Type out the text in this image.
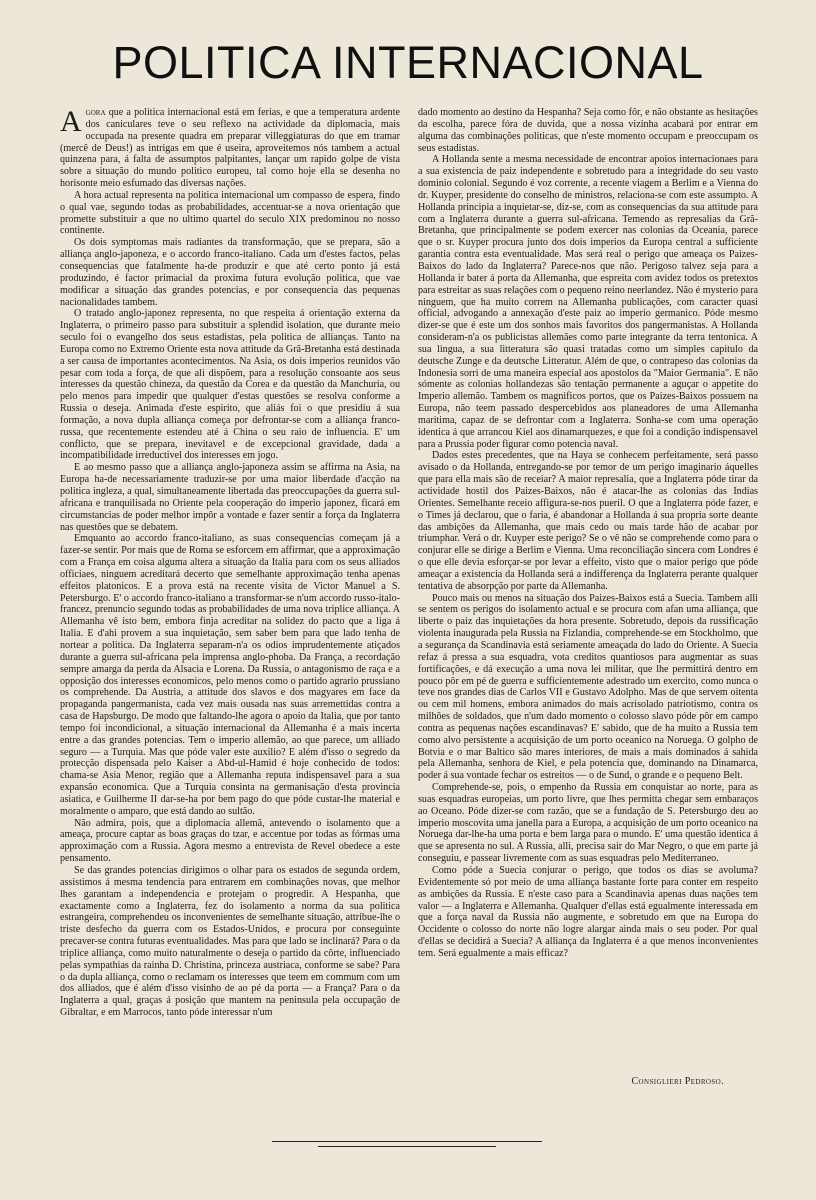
POLITICA INTERNACIONAL

Agora que a politica internacional está em ferias, e que a temperatura ardente dos caniculares teve o seu reflexo na actividade da diplomacia, mais occupada na presente quadra em preparar villeggiaturas do que em tramar (mercê de Deus!) as intrigas em que é useira, aproveitemos nós tambem a actual quinzena para, á falta de assumptos palpitantes, lançar um rapido golpe de vista sobre a situação do mundo politico europeu, tal como hoje ella se desenha no horisonte meio esfumado das diversas nações.

A hora actual representa na politica internacional um compasso de espera, findo o qual vae, segundo todas as probabilidades, accentuar-se a nova orientação que promette substituir a que no ultimo quartel do seculo XIX predominou no nosso continente.

Os dois symptomas mais radiantes da transformação, que se prepara, são a alliança anglo-japoneza, e o accordo franco-italiano. Cada um d'estes factos, pelas consequencias que fatalmente ha-de produzir e que até certo ponto já está produzindo, é factor primacial da proxima futura evolução politica, que vae modificar a situação das grandes potencias, e por consequencia das pequenas nacionalidades tambem.

O tratado anglo-japonez representa, no que respeita á orientação externa da Inglaterra, o primeiro passo para substituir a splendid isolation, que durante meio seculo foi o evangelho dos seus estadistas, pela politica de allianças. Tanto na Europa como no Extremo Oriente esta nova attitude da Grã-Bretanha está destinada a ser causa de importantes acontecimentos. Na Asia, os dois imperios reunidos vão pesar com toda a força, de que ali dispõem, para a resolução consoante aos seus interesses da questão chineza, da questão da Corea e da questão da Manchuria, ou pelo menos para impedir que qualquer d'estas questões se resolva conforme a Russia o deseja. Animada d'este espirito, que aliás foi o que presidiu á sua formação, a nova dupla alliança começa por defrontar-se com a alliança franco-russa, que recentemente estendeu até á China o seu raio de influencia. E' um conflicto, que se prepara, inevitavel e de excepcional gravidade, dada a incompatibilidade irreductivel dos interesses em jogo.

E ao mesmo passo que a alliança anglo-japoneza assim se affirma na Asia, na Europa ha-de necessariamente traduzir-se por uma maior liberdade d'acção na politica ingleza, a qual, simultaneamente libertada das preoccupações da guerra sul-africana e tranquilisada no Oriente pela cooperação do imperio japonez, ficará em circumstancias de poder melhor impôr a vontade e fazer sentir a força da Inglaterra nas questões que se debatem.

Emquanto ao accordo franco-italiano, as suas consequencias começam já a fazer-se sentir. Por mais que de Roma se esforcem em affirmar, que a approximação com a França em coisa alguma altera a situação da Italia para com os seus alliados officiaes, ninguem acreditará decerto que semelhante approximação tenha apenas effeitos platonicos. E a prova está na recente visita de Victor Manuel a S. Petersburgo. E' o accordo franco-italiano a transformar-se n'um accordo russo-italo-francez, prenuncio segundo todas as probabilidades de uma nova triplice alliança. A Allemanha vê isto bem, embora finja acreditar na solidez do pacto que a liga á Italia. E d'ahi provem a sua inquietação, sem saber bem para que lado tenha de nortear a politica. Da Inglaterra separam-n'a os odios imprudentemente atiçados durante a guerra sul-africana pela imprensa anglo-phoba. Da França, a recordação sempre amarga da perda da Alsacia e Lorena. Da Russia, o antagonismo de raça e a opposição dos interesses economicos, pelo menos como o partido agrario prussiano os comprehende. Da Austria, a attitude dos slavos e dos magyares em face da propaganda pangermanista, cada vez mais ousada nas suas arremettidas contra a casa de Hapsburgo. De modo que faltando-lhe agora o apoio da Italia, que por tanto tempo foi incondicional, a situação internacional da Allemanha é a mais incerta entre a das grandes potencias. Tem o imperio allemão, ao que parece, um alliado seguro — a Turquia. Mas que póde valer este auxilio? E além d'isso o segredo da protecção dispensada pelo Kaiser a Abd-ul-Hamid é hoje conhecido de todos: chama-se Asia Menor, região que a Allemanha reputa indispensavel para a sua expansão economica. Que a Turquia consinta na germanisação d'esta provincia asiatica, e Guilherme II dar-se-ha por bem pago do que póde custar-lhe material e moralmente o amparo, que está dando ao sultão.

Não admira, pois, que a diplomacia allemã, antevendo o isolamento que a ameaça, procure captar as boas graças do tzar, e accentue por todas as fórmas uma approximação com a Russia. Agora mesmo a entrevista de Revel obedece a este pensamento.

Se das grandes potencias dirigimos o olhar para os estados de segunda ordem, assistimos á mesma tendencia para entrarem em combinações novas, que melhor lhes garantam a independencia e protejam o progredir. A Hespanha, que exactamente como a Inglaterra, fez do isolamento a norma da sua politica estrangeira, comprehendeu os inconvenientes de semelhante situação, attribue-lhe o triste desfecho da guerra com os Estados-Unidos, e procura por conseguinte precaver-se contra futuras eventualidades. Mas para que lado se inclinará? Para o da triplice alliança, como muito naturalmente o deseja o partido da côrte, influenciado pelas sympathias da rainha D. Christina, princeza austriaca, conforme se sabe? Para o da dupla alliança, como o reclamam os interesses que teem em commum com um dos alliados, que é além d'isso visinho de ao pé da porta — a França? Para o da Inglaterra a qual, graças á posição que mantem na peninsula pela occupação de Gibraltar, e em Marrocos, tanto póde interessar n'um

dado momento ao destino da Hespanha? Seja como fôr, e não obstante as hesitações da escolha, parece fóra de duvida, que a nossa vizinha acabará por entrar em alguma das combinações politicas, que n'este momento occupam e preoccupam os seus estadistas.

A Hollanda sente a mesma necessidade de encontrar apoios internacionaes para a sua existencia de paiz independente e sobretudo para a integridade do seu vasto dominio colonial. Segundo é voz corrente, a recente viagem a Berlim e a Vienna do dr. Kuyper, presidente do conselho de ministros, relaciona-se com este assumpto. A Hollanda principia a inquietar-se, diz-se, com as consequencias da sua attitude para com a Inglaterra durante a guerra sul-africana. Temendo as represalias da Grã-Bretanha, que principalmente se podem exercer nas colonias da Oceania, parece que o sr. Kuyper procura junto dos dois imperios da Europa central a sufficiente garantia contra esta eventualidade. Mas será real o perigo que ameaça os Paizes-Baixos do lado da Inglaterra? Parece-nos que não. Perigoso talvez seja para a Hollanda ir bater á porta da Allemanha, que espreita com avidez todos os pretextos para estreitar as suas relações com o pequeno reino neerlandez. Não é mysterio para ninguem, que ha muito correm na Allemanha publicações, com caracter quasi official, advogando a annexação d'este paiz ao imperio germanico. Póde mesmo dizer-se que é este um dos sonhos mais favoritos dos pangermanistas. A Hollanda consideram-n'a os publicistas allemães como parte integrante da terra tentonica. A sua lingua, a sua litteratura são quasi tratadas como um simples capitulo da deutsche Zunge e da deutsche Litteratur. Além de que, o contrapeso das colonias da Indonesia sorri de uma maneira especial aos apostolos da "Maior Germania". E não sómente as colonias hollandezas são tentação permanente a aguçar o appetite do Imperio allemão. Tambem os magnificos portos, que os Paizes-Baixos possuem na Europa, não teem passado despercebidos aos planeadores de uma Allemanha maritima, capaz de se defrontar com a Inglaterra. Sonha-se com uma operação identica á que arrancou Kiel aos dinamarquezes, e que foi a condição indispensavel para a Prussia poder figurar como potencia naval.

Dados estes precedentes, que na Haya se conhecem perfeitamente, será passo avisado o da Hollanda, entregando-se por temor de um perigo imaginario áquelles que para ella mais são de receiar? A maior represalia, que a Inglaterra póde tirar da actividade hostil dos Paizes-Baixos, não é atacar-lhe as colonias das Indias Orientes. Semelhante receio affigura-se-nos pueril. O que a Inglaterra póde fazer, e o Times já declarou, que o faria, é abandonar a Hollanda á sua propria sorte deante das ambições da Allemanha, que mais cedo ou mais tarde hão de acabar por triumphar. Verá o dr. Kuyper este perigo? Se o vê não se comprehende como para o conjurar elle se dirige a Berlim e Vienna. Uma reconciliação sincera com Londres é o que elle devia esforçar-se por levar a effeito, visto que o maior perigo que póde ameaçar a existencia da Hollanda será a indifferença da Inglaterra perante qualquer tentativa de absorpção por parte da Allemanha.

Pouco mais ou menos na situação dos Paizes-Baixos está a Suecia. Tambem alli se sentem os perigos do isolamento actual e se procura com afan uma alliança, que liberte o paiz das inquietações da hora presente. Sobretudo, depois da russificação violenta inaugurada pela Russia na Fizlandia, comprehende-se em Stockholmo, que a segurança da Scandinavia está seriamente ameaçada do lado do Oriente. A Suecia refaz á pressa a sua esquadra, vota creditos quantiosos para augmentar as suas fortificações, e dá execução a uma nova lei militar, que lhe permittirá dentro em pouco pôr em pé de guerra e sufficientemente adestrado um exercito, como nunca o teve nos grandes dias de Carlos VII e Gustavo Adolpho. Mas de que servem oitenta ou cem mil homens, embora animados do mais acrisolado patriotismo, contra os milhões de soldados, que n'um dado momento o colosso slavo póde pôr em campo contra as pequenas nações escandinavas? E' sabido, que de ha muito a Russia tem como alvo persistente a acquisição de um porto oceanico na Noruega. O golpho de Botvia e o mar Baltico são mares interiores, de mais a mais dominados á sahida pela Allemanha, senhora de Kiel, e pela potencia que, dominando na Dinamarca, poder á sua vontade fechar os estreitos — o de Sund, o grande e o pequeno Belt.

Comprehende-se, pois, o empenho da Russia em conquistar ao norte, para as suas esquadras europeias, um porto livre, que lhes permitta chegar sem embaraços ao Oceano. Póde dizer-se com razão, que se a fundação de S. Petersburgo deu ao imperio moscovita uma janella para a Europa, a acquisição de um porto oceanico na Noruega dar-lhe-ha uma porta e bem larga para o mundo. E' uma questão identica á que se apresenta no sul. A Russia, alli, precisa sair do Mar Negro, o que em parte já conseguiu, e passear livremente com as suas esquadras pelo Mediterraneo.

Como póde a Suecia conjurar o perigo, que todos os dias se avoluma? Evidentemente só por meio de uma alliança bastante forte para conter em respeito as ambições da Russia. E n'este caso para a Scandinavia apenas duas nações tem valor — a Inglaterra e Allemanha. Qualquer d'ellas está egualmente interessada em que a força naval da Russia não augmente, e sobretudo em que na Europa do Occidente o colosso do norte não logre alargar ainda mais o seu poder. Por qual d'ellas se decidirá a Suecia? A alliança da Inglaterra é a que menos inconvenientes tem. Será egualmente a mais efficaz?

Consiglieri Pedroso.
